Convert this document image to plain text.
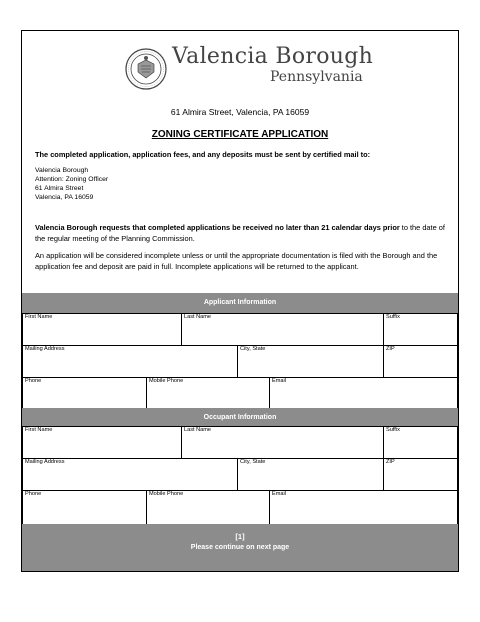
Valencia Borough
Pennsylvania
61 Almira Street, Valencia, PA 16059
ZONING CERTIFICATE APPLICATION
The completed application, application fees, and any deposits must be sent by certified mail to:
Valencia Borough
Attention: Zoning Officer
61 Almira Street
Valencia, PA 16059
Valencia Borough requests that completed applications be received no later than 21 calendar days prior to the date of the regular meeting of the Planning Commission.
An application will be considered incomplete unless or until the appropriate documentation is filed with the Borough and the application fee and deposit are paid in full. Incomplete applications will be returned to the applicant.
Applicant Information
First Name	Last Name	Suffix
Mailing Address	City, State	ZIP
Phone	Mobile Phone	Email
Occupant Information
First Name	Last Name	Suffix
Mailing Address	City, State	ZIP
Phone	Mobile Phone	Email
[1]
Please continue on next page
